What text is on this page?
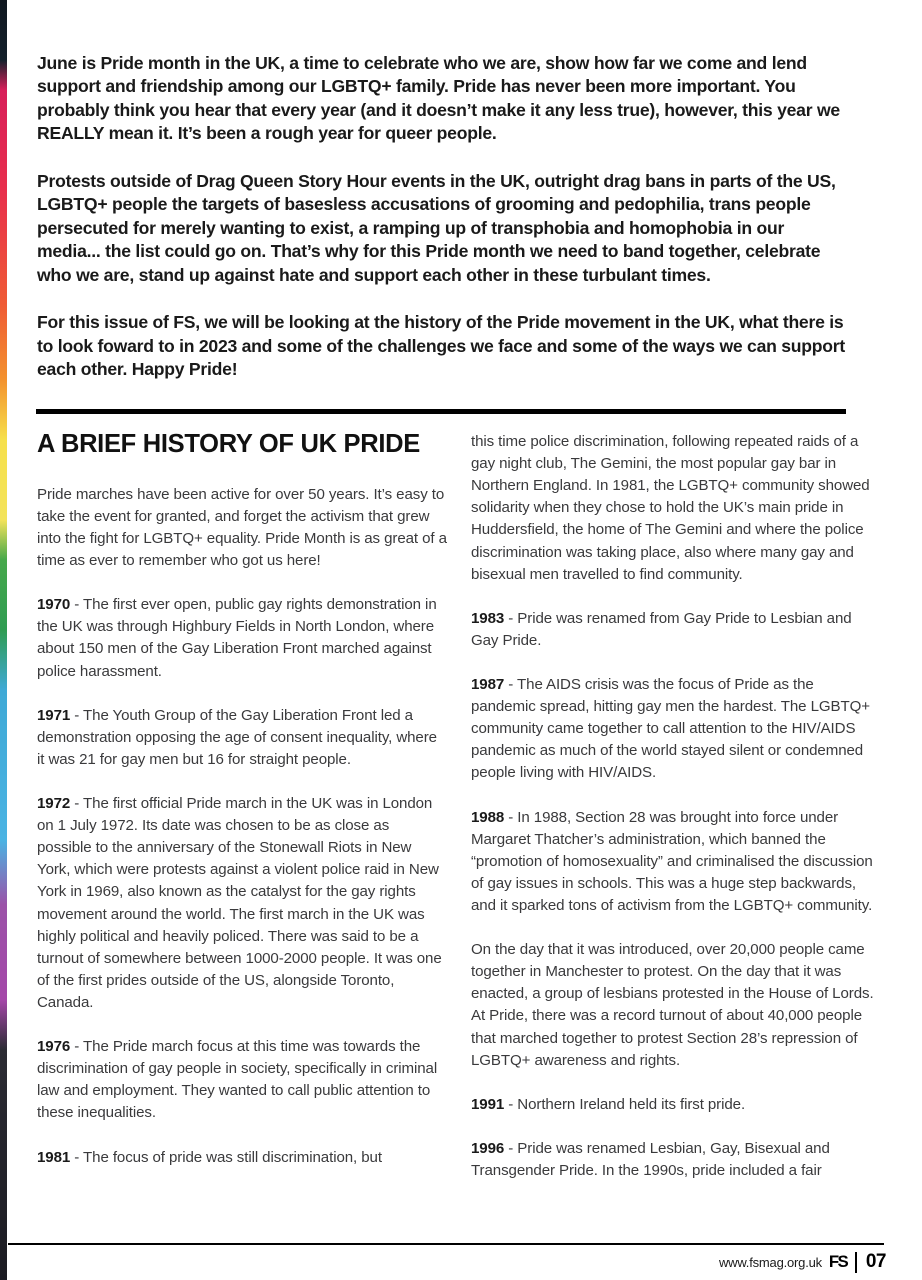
June is Pride month in the UK, a time to celebrate who we are, show how far we come and lend support and friendship among our LGBTQ+ family. Pride has never been more important. You probably think you hear that every year (and it doesn’t make it any less true), however, this year we REALLY mean it. It’s been a rough year for queer people.

Protests outside of Drag Queen Story Hour events in the UK, outright drag bans in parts of the US, LGBTQ+ people the targets of basesless accusations of grooming and pedophilia, trans people persecuted for merely wanting to exist, a ramping up of transphobia and homophobia in our media... the list could go on. That’s why for this Pride month we need to band together, celebrate who we are, stand up against hate and support each other in these turbulant times.

For this issue of FS, we will be looking at the history of the Pride movement in the UK, what there is to look foward to in 2023 and some of the challenges we face and some of the ways we can support each other. Happy Pride!

A BRIEF HISTORY OF UK PRIDE

Pride marches have been active for over 50 years. It’s easy to take the event for granted, and forget the activism that grew into the fight for LGBTQ+ equality. Pride Month is as great of a time as ever to remember who got us here!

1970 - The first ever open, public gay rights demonstration in the UK was through Highbury Fields in North London, where about 150 men of the Gay Liberation Front marched against police harassment.

1971 - The Youth Group of the Gay Liberation Front led a demonstration opposing the age of consent inequality, where it was 21 for gay men but 16 for straight people.

1972 - The first official Pride march in the UK was in London on 1 July 1972. Its date was chosen to be as close as possible to the anniversary of the Stonewall Riots in New York, which were protests against a violent police raid in New York in 1969, also known as the catalyst for the gay rights movement around the world. The first march in the UK was highly political and heavily policed. There was said to be a turnout of somewhere between 1000-2000 people. It was one of the first prides outside of the US, alongside Toronto, Canada.

1976 - The Pride march focus at this time was towards the discrimination of gay people in society, specifically in criminal law and employment. They wanted to call public attention to these inequalities.

1981 - The focus of pride was still discrimination, but

this time police discrimination, following repeated raids of a gay night club, The Gemini, the most popular gay bar in Northern England. In 1981, the LGBTQ+ community showed solidarity when they chose to hold the UK’s main pride in Huddersfield, the home of The Gemini and where the police discrimination was taking place, also where many gay and bisexual men travelled to find community.

1983 - Pride was renamed from Gay Pride to Lesbian and Gay Pride.

1987 - The AIDS crisis was the focus of Pride as the pandemic spread, hitting gay men the hardest. The LGBTQ+ community came together to call attention to the HIV/AIDS pandemic as much of the world stayed silent or condemned people living with HIV/AIDS.

1988 - In 1988, Section 28 was brought into force under Margaret Thatcher’s administration, which banned the “promotion of homosexuality” and criminalised the discussion of gay issues in schools. This was a huge step backwards, and it sparked tons of activism from the LGBTQ+ community.

On the day that it was introduced, over 20,000 people came together in Manchester to protest. On the day that it was enacted, a group of lesbians protested in the House of Lords. At Pride, there was a record turnout of about 40,000 people that marched together to protest Section 28’s repression of LGBTQ+ awareness and rights.

1991 - Northern Ireland held its first pride.

1996 - Pride was renamed Lesbian, Gay, Bisexual and Transgender Pride. In the 1990s, pride included a fair

www.fsmag.org.uk FS 07
